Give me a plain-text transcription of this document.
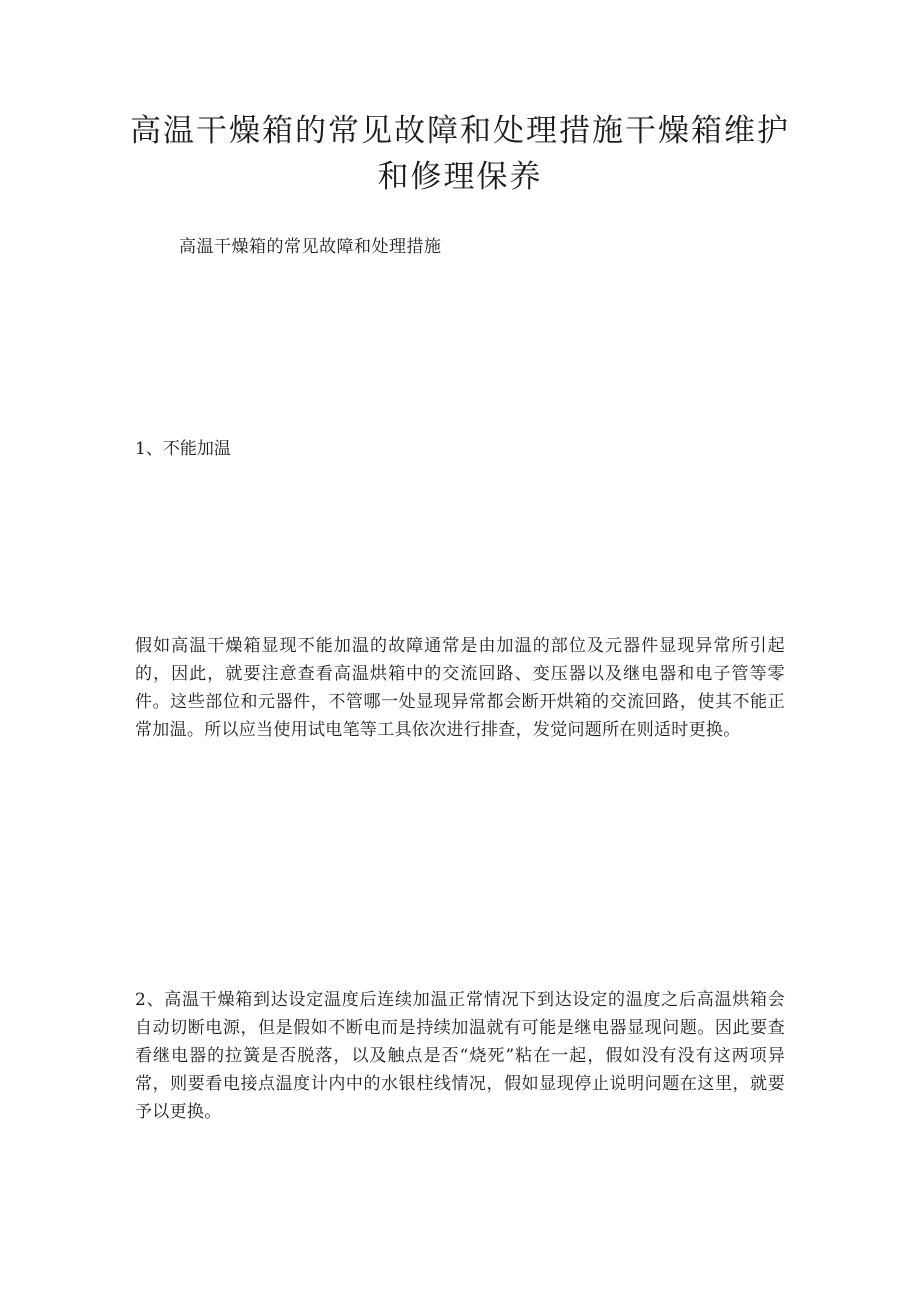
高温干燥箱的常见故障和处理措施干燥箱维护和修理保养

高温干燥箱的常见故障和处理措施

1、不能加温

假如高温干燥箱显现不能加温的故障通常是由加温的部位及元器件显现异常所引起的，因此，就要注意查看高温烘箱中的交流回路、变压器以及继电器和电子管等零件。这些部位和元器件，不管哪一处显现异常都会断开烘箱的交流回路，使其不能正常加温。所以应当使用试电笔等工具依次进行排查，发觉问题所在则适时更换。

2、高温干燥箱到达设定温度后连续加温正常情况下到达设定的温度之后高温烘箱会自动切断电源，但是假如不断电而是持续加温就有可能是继电器显现问题。因此要查看继电器的拉簧是否脱落，以及触点是否“烧死”粘在一起，假如没有没有这两项异常，则要看电接点温度计内中的水银柱线情况，假如显现停止说明问题在这里，就要予以更换。
